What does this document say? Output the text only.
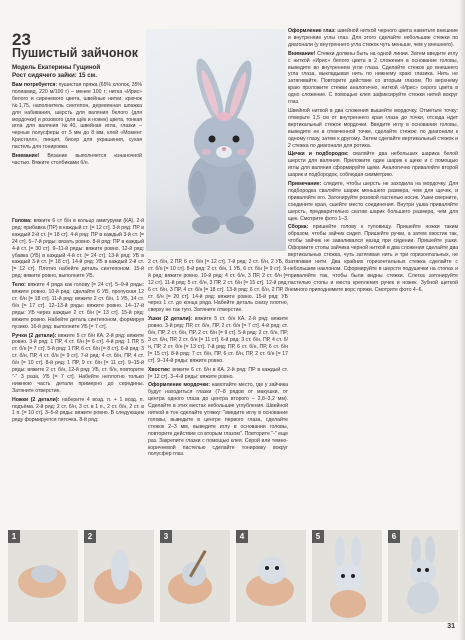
23
Пушистый зайчонок
Модель Екатерины Гущиной
Рост сидячего зайки: 15 см.

Вам потребуется: пушистая пряжа (65% хлопок, 35% полиамид, 220 м/100 г) – менее 100 г; нитка «Ирис» белого и сиреневого цвета, швейные нитки, крючок №1,75, наполнитель синтепон, деревянная шпажка для набивания, шерсть для валяния белого (для мордочки) и розового (для щёк и ножек) цвета, тонкая игла для валяния №40, швейная игла, глазки – черные полусферы от 5 мм до 8 мм, клей «Момент Кристалл», пинцет, бисер для украшения, сухая пастель для тонировки.

Внимание! Вязание выполняется изнаночной частью. Вяжите столбиками б/н.

Голова: вяжите 6 ст б/н в кольцо амигуруми (КА). 2-й ряд: прибавка (ПР) в каждый ст. [= 12 ст]. 3-й ряд: ПР в каждый 2-й ст. [= 18 ст]. 4-й ряд: ПР в каждый 3-й ст. [= 24 ст]. 5–7-й ряды: вязать ровно. 8-й ряд: ПР в каждый 4-й ст. [= 30 ст]. 9–11-й ряды: вяжите ровно. 12-й ряд: убавка (УБ) в каждый 4-й ст. [= 24 ст]. 13-й ряд: УБ в каждый 3-й ст. [= 18 ст]. 14-й ряд: УБ в каждый 2-й ст. [= 12 ст]. Плотно набейте деталь синтепоном. 15-й ряд: вяжите ровно, выполните УБ.

Тело: вяжите 4 ряда как голову [= 24 ст]. 5–9-й ряды: вяжите ровно. 10-й ряд: сделайте 6 УБ, пропуская 12 ст. б/н [= 18 ст]. 11-й ряд: вяжите 2 ст. б/н, 1 УБ, 14 ст. б/н [= 17 ст]. 12–13-й ряды: вяжите ровно. 14–17-й ряды: УБ через каждые 2 ст. б/н [= 13 ст]. 15-й ряд: вяжите ровно. Набейте деталь синтепоном, формируя пузико. 16-й ряд: выполните УБ [= 7 ст].

Ручки (2 детали): вяжите 5 ст б/н КА. 2-й ряд: вяжите ровно. 3-й ряд: 1 ПР, 4 ст. б/н [= 6 ст]. 4-й ряд: 1 ПР, 5 ст. б/н [= 7 ст]. 5-й ряд: 1 ПР, 6 ст. б/н [= 8 ст]. 6-й ряд: 3 ст. б/н, ПР, 4 ст. б/н [= 9 ст]. 7-й ряд: 4 ст. б/н, ПР, 4 ст. б/н [= 10 ст]. 8-й ряд: 1 ПР, 9 ст. б/н [= 11 ст]. 9–15-й ряды: вяжите 2 ст. б/н, 12-й ряд: УБ, ст. б/н, повторите "-" 3 раза, УБ [= 7 ст]. Набейте неплотно только нижнюю часть детали примерно до середины. Затяните отверстие.

Ножки (2 детали): наберите 4 возд. п. + 1 возд. п. подъёма. 2-й ряд: 2 ст. б/н, 3 ст. в 1 п., 2 ст. б/н, 2 ст. в 1 п. [= 10 ст]. 3–5-й ряды: вяжите ровно. В следующем ряду формируется пяточка. 8-й ряд:

2 ст. б/н, 2 ПР, 6 ст. б/н [= 12 ст]. 7-й ряд: 2 ст. б/н, 2 УБ, 8 ст. б/н [= 10 ст]. 8-й ряд: 2 ст. б/н, 1 УБ, 6 ст. б/н [= 9 ст]. 9-й ряд: вяжите ровно. 10-й ряд: 4 ст. б/н, 3 ПР, 2 ст. б/н [= 12 ст]. 11-й ряд: 5 ст. б/н, 3 ПР, 2 ст. б/н [= 15 ст]. 12-й ряд: 6 ст. б/н, 3 ПР, 4 ст. б/н [= 18 ст]. 13-й ряд: 6 ст. б/н, 2 ПР, 8 ст. б/н [= 20 ст]. 14-й ряд: вяжите ровно. 15-й ряд: УБ через 1 ст. до конца ряда. Набейте деталь снизу плотно, сверху не так туго. Затяните отверстие.

Ушки (2 детали): вяжите 5 ст. б/н КА. 2-й ряд: вяжите ровно. 3-й ряд: ПР, ст. б/н, ПР, 2 ст. б/н [= 7 ст]. 4-й ряд: ст. б/н, ПР, 2 ст. б/н, ПР, 2 ст. б/н [= 9 ст]. 5-й ряд: 2 ст. б/н, ПР, 3 ст. б/н, ПР, 2 ст. б/н [= 11 ст]. 6-й ряд: 3 ст. б/н, ПР, 4 ст. б/н, ПР, 2 ст. б/н [= 13 ст]. 7-й ряд: ПР, 6 ст. б/н, ПР, 6 ст. б/н [= 15 ст]. 8-й ряд: 7 ст. б/н, ПР, 6 ст. б/н, ПР, 2 ст. б/н [= 17 ст]. 9–14-й ряды: вяжите ровно.

Хвостик: вяжите 6 ст. б/н в КА. 2-й ряд: ПР в каждый ст. [= 12 ст]. 3–4-й ряды: вяжите ровно.

Оформление мордочки: намотайте место, где у зайчика будут находиться глазки (7–8 рядов от макушки, от центра одного глаза до центра второго – 2,8–3,2 мм). Сделайте в этих местах небольшие углубления. Швейной ниткой в тон сделайте утяжку: "введите иглу в основание головы, выведите в центре первого глаза, сделайте стежок 2–3 мм, выведите иглу в основании головы, повторите действие со вторым глазом". Повторите "-" еще раз. Закрепите глазки с помощью клея. Серой или темно-коричневой пастелью сделайте тонировку вокруг полусфер глаз.

Оформление глаз: швейной ниткой черного цвета наметьте внешние и внутренние углы глаз. Для этого сделайте небольшие стежки по диагонали (у внутреннего угла стежок чуть меньше, чем у внешнего).

Внимание! Стежки должны быть на одной линии. Затем введите иглу с ниткой «Ирис» белого цвета в 2 сложения в основание головы, выведите во внутреннем угле глаза. Сделайте стежок до внешнего угла глаза, выкладывая нить по нижнему краю глазика. Нить не затягивайте. Повторите действие со вторым глазом. По верхнему краю проложите стежки аналогично, ниткой «Ирис» серого цвета в одно сложение. С помощью клея зафиксируйте стежки нитей вокруг глаз.

Швейной ниткой в два сложения вышейте мордочку. Отметьте точку: отмерьте 1,5 см от внутреннего края глаза до точки, отсюда идет вертикальный стежок мордочки. Введите иглу в основании головы, выведите ее в отмеченной точке, сделайте стежок: по диагонали к одному глазу, затем к другому. Затем сделайте вертикальный стежок и 2 стежка по диагонали для ротика.

Щечки и подбородок: сваляйте два небольших шарика белой шерсти для валяния. Приложите один шарик к щеке и с помощью иглы для валяния сформируйте щеки. Аналогично приваляйте второй шарик и подбородок, соблюдая симметрию.

Примечание: следите, чтобы шерсть не заходила на мордочку. Для подбородка сваляйте шарик меньшего размера, чем для щечек, и приваляйте его. Затонируйте розовой пастелью носик. Ушки сверните, соедините края, сшейте место соединения. Внутри ушка приваляйте шерсть, предварительно скатав шарик большего размера, чем для щек. Смотрите фото 1–3.

Сборка: пришейте голову к туловищу. Пришейте ножки таким образом, чтобы зайчик сидел. Пришейте ручки, а затем хвостик так, чтобы зайчик не заваливался назад при сидении. Пришейте ушки. Оформите стопы зайчика черной ниткой в два сложения сделайте два вертикальных стежка, чуть затягивая нить и три горизонтальных, не затягивая нити. Два крайних горизонтальных стежка сделайте с небольшим наклоном. Сформируйте в шерсти подушечки на стопах и приваляйте так, чтобы были видны стежки. Слегка затонируйте пастелью стопы и места крепления ручек и ножек. Зубной щеткой немного приподнимите ворс пряжи. Смотрите фото 4–6.

1	2	3	4	5	6
31
